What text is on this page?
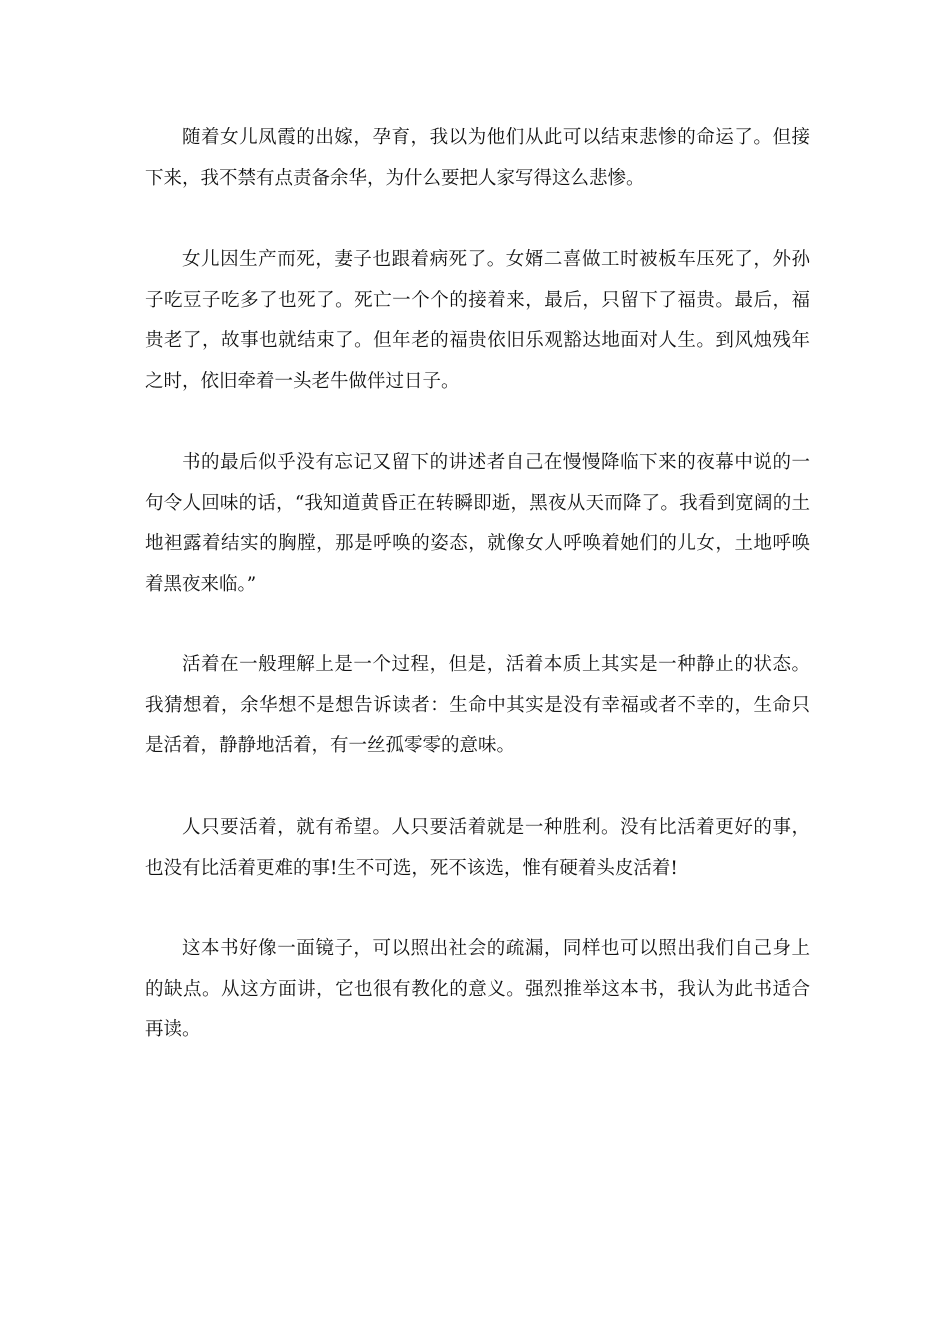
随着女儿凤霞的出嫁，孕育，我以为他们从此可以结束悲惨的命运了。但接下来，我不禁有点责备余华，为什么要把人家写得这么悲惨。

女儿因生产而死，妻子也跟着病死了。女婿二喜做工时被板车压死了，外孙子吃豆子吃多了也死了。死亡一个个的接着来，最后，只留下了福贵。最后，福贵老了，故事也就结束了。但年老的福贵依旧乐观豁达地面对人生。到风烛残年之时，依旧牵着一头老牛做伴过日子。

书的最后似乎没有忘记又留下的讲述者自己在慢慢降临下来的夜幕中说的一句令人回味的话，“我知道黄昏正在转瞬即逝，黑夜从天而降了。我看到宽阔的土地袒露着结实的胸膛，那是呼唤的姿态，就像女人呼唤着她们的儿女，土地呼唤着黑夜来临。”

活着在一般理解上是一个过程，但是，活着本质上其实是一种静止的状态。我猜想着，余华想不是想告诉读者：生命中其实是没有幸福或者不幸的，生命只是活着，静静地活着，有一丝孤零零的意味。

人只要活着，就有希望。人只要活着就是一种胜利。没有比活着更好的事，也没有比活着更难的事!生不可选，死不该选，惟有硬着头皮活着!

这本书好像一面镜子，可以照出社会的疏漏，同样也可以照出我们自己身上的缺点。从这方面讲，它也很有教化的意义。强烈推举这本书，我认为此书适合再读。
